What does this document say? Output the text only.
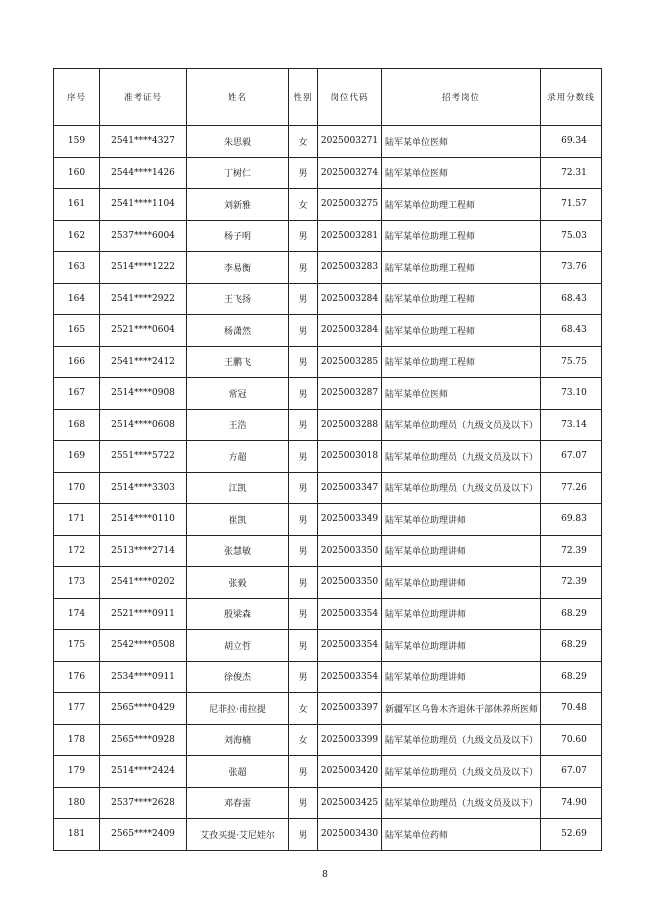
序号	准考证号	姓名	性别	岗位代码	招考岗位	录用分数线
159	2541****4327	朱思毅	女	2025003271	陆军某单位医师	69.34
160	2544****1426	丁树仁	男	2025003274	陆军某单位医师	72.31
161	2541****1104	刘新雅	女	2025003275	陆军某单位助理工程师	71.57
162	2537****6004	杨子明	男	2025003281	陆军某单位助理工程师	75.03
163	2514****1222	李易衡	男	2025003283	陆军某单位助理工程师	73.76
164	2541****2922	王飞扬	男	2025003284	陆军某单位助理工程师	68.43
165	2521****0604	杨潇然	男	2025003284	陆军某单位助理工程师	68.43
166	2541****2412	王鹏飞	男	2025003285	陆军某单位助理工程师	75.75
167	2514****0908	常冠	男	2025003287	陆军某单位医师	73.10
168	2514****0608	王浩	男	2025003288	陆军某单位助理员（九级文员及以下）	73.14
169	2551****5722	方超	男	2025003018	陆军某单位助理员（九级文员及以下）	67.07
170	2514****3303	江凯	男	2025003347	陆军某单位助理员（九级文员及以下）	77.26
171	2514****0110	崔凯	男	2025003349	陆军某单位助理讲师	69.83
172	2513****2714	张慧敏	男	2025003350	陆军某单位助理讲师	72.39
173	2541****0202	张毅	男	2025003350	陆军某单位助理讲师	72.39
174	2521****0911	殷梁森	男	2025003354	陆军某单位助理讲师	68.29
175	2542****0508	胡立哲	男	2025003354	陆军某单位助理讲师	68.29
176	2534****0911	徐俊杰	男	2025003354	陆军某单位助理讲师	68.29
177	2565****0429	尼菲拉·甫拉提	女	2025003397	新疆军区乌鲁木齐退休干部休养所医师	70.48
178	2565****0928	刘海楠	女	2025003399	陆军某单位助理员（九级文员及以下）	70.60
179	2514****2424	张超	男	2025003420	陆军某单位助理员（九级文员及以下）	67.07
180	2537****2628	邓春雷	男	2025003425	陆军某单位助理员（九级文员及以下）	74.90
181	2565****2409	艾孜买提·艾尼娃尔	男	2025003430	陆军某单位药师	52.69
8
